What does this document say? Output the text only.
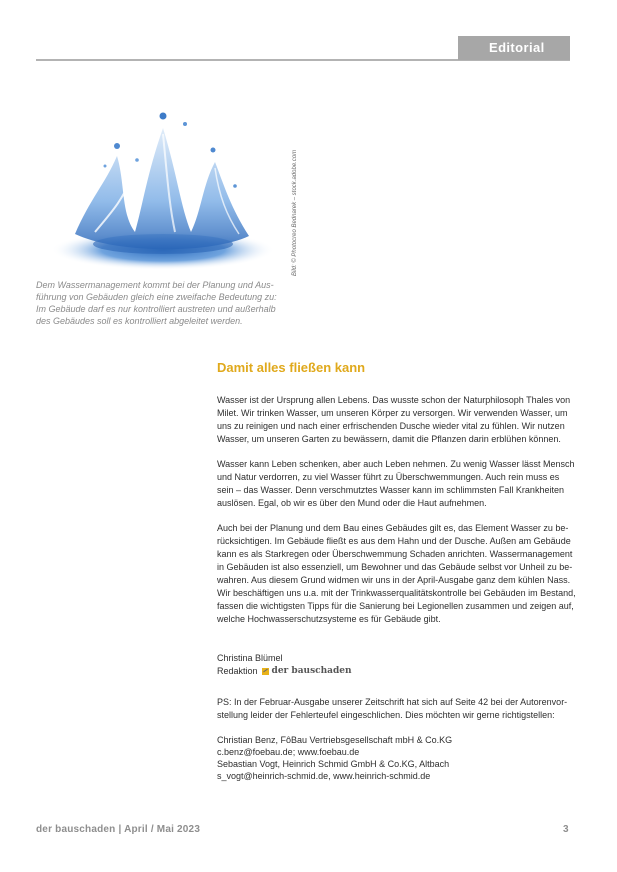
Editorial
Bild: © Photocreo Bednarek – stock.adobe.com
Dem Wassermanagement kommt bei der Planung und Aus-
führung von Gebäuden gleich eine zweifache Bedeutung zu:
Im Gebäude darf es nur kontrolliert austreten und außerhalb
des Gebäudes soll es kontrolliert abgeleitet werden.
Damit alles fließen kann
Wasser ist der Ursprung allen Lebens. Das wusste schon der Naturphilosoph Thales von
Milet. Wir trinken Wasser, um unseren Körper zu versorgen. Wir verwenden Wasser, um
uns zu reinigen und nach einer erfrischenden Dusche wieder vital zu fühlen. Wir nutzen
Wasser, um unseren Garten zu bewässern, damit die Pflanzen darin erblühen können.
Wasser kann Leben schenken, aber auch Leben nehmen. Zu wenig Wasser lässt Mensch
und Natur verdorren, zu viel Wasser führt zu Überschwemmungen. Auch rein muss es
sein – das Wasser. Denn verschmutztes Wasser kann im schlimmsten Fall Krankheiten
auslösen. Egal, ob wir es über den Mund oder die Haut aufnehmen.
Auch bei der Planung und dem Bau eines Gebäudes gilt es, das Element Wasser zu be-
rücksichtigen. Im Gebäude fließt es aus dem Hahn und der Dusche. Außen am Gebäude
kann es als Starkregen oder Überschwemmung Schaden anrichten. Wassermanagement
in Gebäuden ist also essenziell, um Bewohner und das Gebäude selbst vor Unheil zu be-
wahren. Aus diesem Grund widmen wir uns in der April-Ausgabe ganz dem kühlen Nass.
Wir beschäftigen uns u.a. mit der Trinkwasserqualitätskontrolle bei Gebäuden im Bestand,
fassen die wichtigsten Tipps für die Sanierung bei Legionellen zusammen und zeigen auf,
welche Hochwasserschutzsysteme es für Gebäude gibt.
Christina Blümel
Redaktion der bauschaden
PS: In der Februar-Ausgabe unserer Zeitschrift hat sich auf Seite 42 bei der Autorenvor-
stellung leider der Fehlerteufel eingeschlichen. Dies möchten wir gerne richtigstellen:
Christian Benz, FôBau Vertriebsgesellschaft mbH & Co.KG
c.benz@foebau.de; www.foebau.de
Sebastian Vogt, Heinrich Schmid GmbH & Co.KG, Altbach
s_vogt@heinrich-schmid.de, www.heinrich-schmid.de
der bauschaden | April / Mai 2023	3
